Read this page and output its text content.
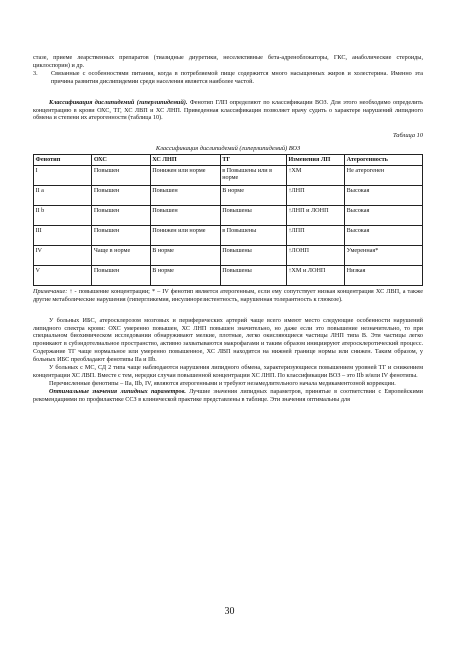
стазе, приеме леарственных препаратов (тиазидные диуретики, неселективные бета-адреноблокаторы, ГКС, анаболические стероиды, циклоспорин) и др.

3.	Связанные с особенностями питания, когда в потребляемой пище содержится много насыщенных жиров и холестерина. Именно эта причина развития дислипидемии среди населения является наиболее частой.

Классификация дислипидемий (гиперлипидемий). Фенотип ГЛП определяют по классификации ВОЗ. Для этого необходимо определить концентрацию в крови ОХС, ТГ, ХС ЛВП и ХС ЛНП. Приведенная классификация позволяет врачу судить о характере нарушений липидного обмена и степени их атерогенности (таблица 10).

Таблица 10
Классификация дислипидемий (гиперлипидемий) ВОЗ
Фенотип	ОХС	ХС ЛНП	ТГ	Изменения ЛП	Атерогенность
I	Повышен	Понижен или норме	в Повышены или в норме	↑ХМ	Не атерогенен
II a	Повышен	Повышен	В норме	↑ЛНП	Высокая
II b	Повышен	Повышен	Повышены	↑ЛНП и ЛОНП	Высокая
III	Повышен	Понижен или норме	в Повышены	↑ЛПП	Высокая
IV	Чаще в норме	В норме	Повышены	↑ЛОНП	Умеренная*
V	Повышен	В норме	Повышены	↑ХМ и ЛОНП	Низкая

Примечание: ↑ - повышение концентрации; * – IV фенотип является атерогенным, если ему сопутствует низкая концентрация ХС ЛВП, а также другие метаболические нарушения (гипергликемия, инсулинорезистентность, нарушенная толерантность к глюкозе).

У больных ИБС, атеросклерозом мозговых и периферических артерий чаще всего имеют место следующие особенности нарушений липидного спектра крови: ОХС умеренно повышен, ХС ЛНП повышен значительно, но даже если это повышение незначительно, то при специальном биохимическом исследовании обнаруживают мелкие, плотные, легко окисляющиеся частицы ЛНП типа В. Эти частицы легко проникают в субэндотелиальное пространство, активно захватываются макрофагами и таким образом инициируют атеросклеротический процесс. Содержание ТГ чаще нормальное или умеренно повышенное, ХС ЛВП находится на нижней границе нормы или снижен. Таким образом, у больных ИБС преобладают фенотипы IIa и IIb.

У больных с МС, СД 2 типа чаще наблюдаются нарушения липидного обмена, характеризующиеся повышением уровней ТГ и снижением концентрации ХС ЛВП. Вместе с тем, нередки случаи повышенной концентрации ХС ЛНП. По классификации ВОЗ – это IIb и/или IV фенотипы.

Перечисленные фенотипы – IIa, IIb, IV, являются атерогенными и требуют незамедлительного начала медикаментозной коррекции.

Оптимальные значения липидных параметров. Лучшие значения липидных параметров, принятые в соответствии с Европейскими рекомендациями по профилактике ССЗ в клинической практике представлены в таблице. Эти значения оптимальны для

30
